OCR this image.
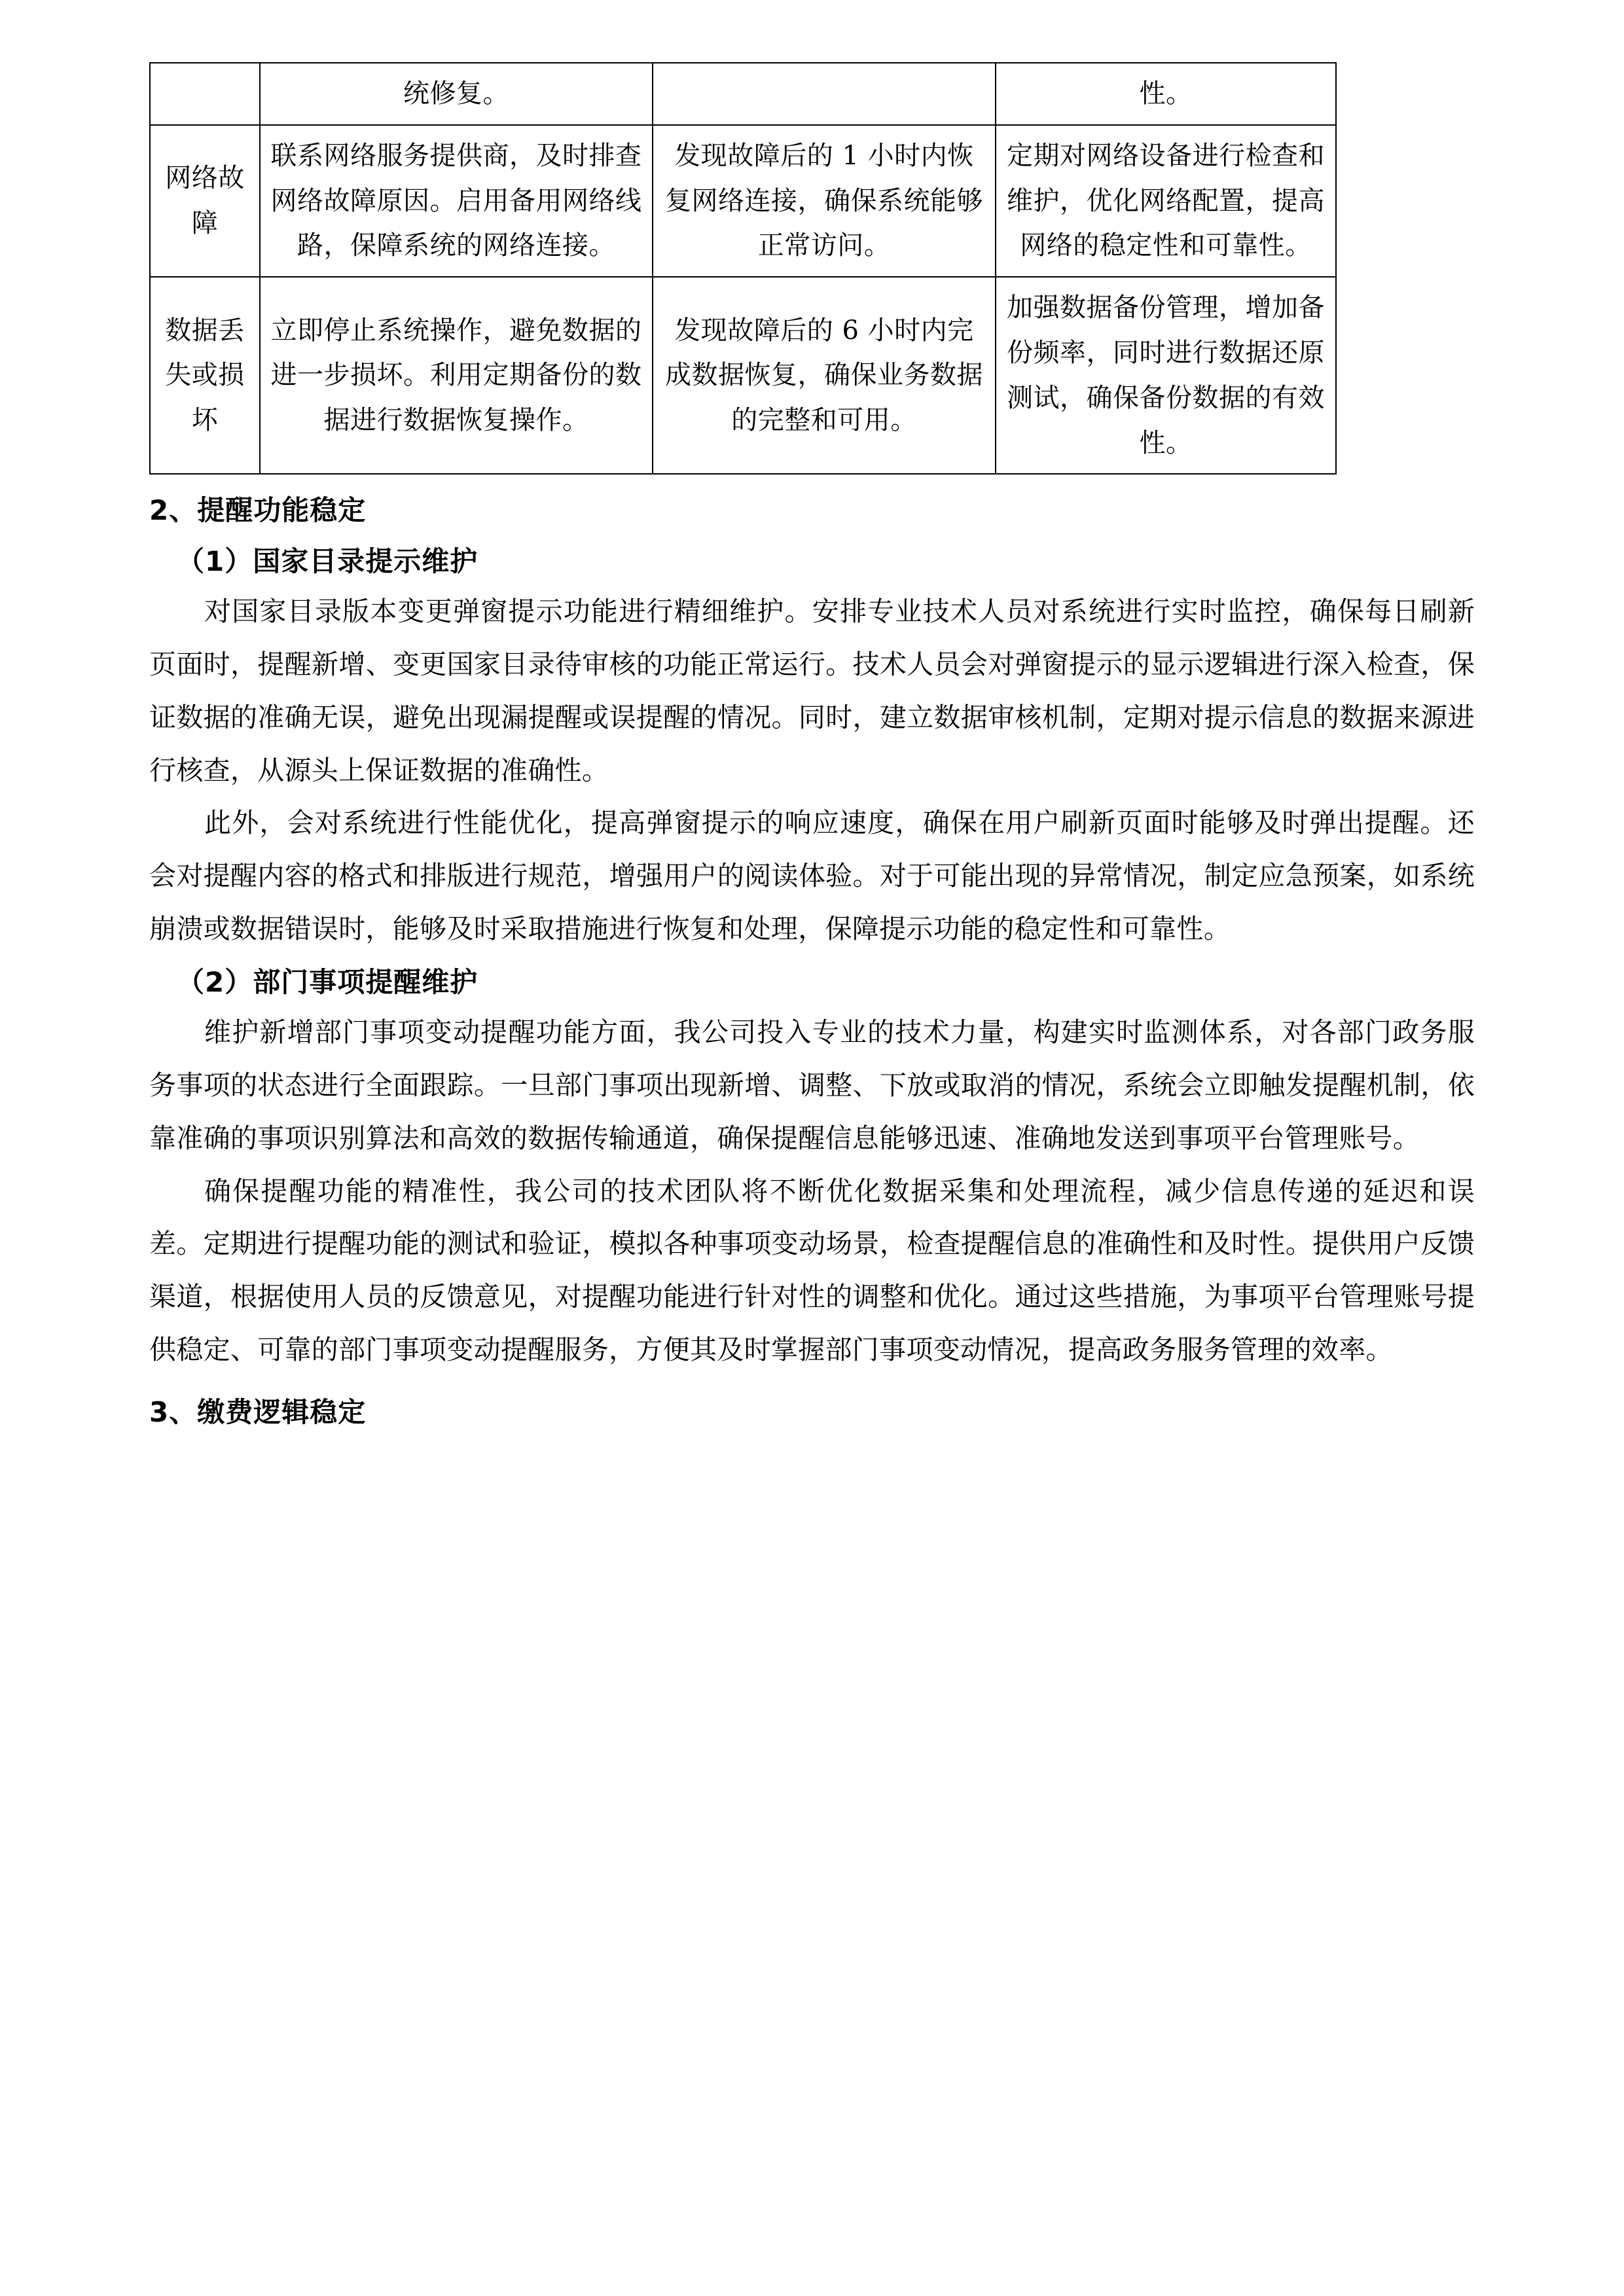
	统修复。		性。
网络故障	联系网络服务提供商，及时排查网络故障原因。启用备用网络线路，保障系统的网络连接。	发现故障后的 1 小时内恢复网络连接，确保系统能够正常访问。	定期对网络设备进行检查和维护，优化网络配置，提高网络的稳定性和可靠性。
数据丢失或损坏	立即停止系统操作，避免数据的进一步损坏。利用定期备份的数据进行数据恢复操作。	发现故障后的 6 小时内完成数据恢复，确保业务数据的完整和可用。	加强数据备份管理，增加备份频率，同时进行数据还原测试，确保备份数据的有效性。
2、提醒功能稳定
（1）国家目录提示维护

对国家目录版本变更弹窗提示功能进行精细维护。安排专业技术人员对系统进行实时监控，确保每日刷新页面时，提醒新增、变更国家目录待审核的功能正常运行。技术人员会对弹窗提示的显示逻辑进行深入检查，保证数据的准确无误，避免出现漏提醒或误提醒的情况。同时，建立数据审核机制，定期对提示信息的数据来源进行核查，从源头上保证数据的准确性。

此外，会对系统进行性能优化，提高弹窗提示的响应速度，确保在用户刷新页面时能够及时弹出提醒。还会对提醒内容的格式和排版进行规范，增强用户的阅读体验。对于可能出现的异常情况，制定应急预案，如系统崩溃或数据错误时，能够及时采取措施进行恢复和处理，保障提示功能的稳定性和可靠性。

（2）部门事项提醒维护

维护新增部门事项变动提醒功能方面，我公司投入专业的技术力量，构建实时监测体系，对各部门政务服务事项的状态进行全面跟踪。一旦部门事项出现新增、调整、下放或取消的情况，系统会立即触发提醒机制，依靠准确的事项识别算法和高效的数据传输通道，确保提醒信息能够迅速、准确地发送到事项平台管理账号。

确保提醒功能的精准性，我公司的技术团队将不断优化数据采集和处理流程，减少信息传递的延迟和误差。定期进行提醒功能的测试和验证，模拟各种事项变动场景，检查提醒信息的准确性和及时性。提供用户反馈渠道，根据使用人员的反馈意见，对提醒功能进行针对性的调整和优化。通过这些措施，为事项平台管理账号提供稳定、可靠的部门事项变动提醒服务，方便其及时掌握部门事项变动情况，提高政务服务管理的效率。

3、缴费逻辑稳定
